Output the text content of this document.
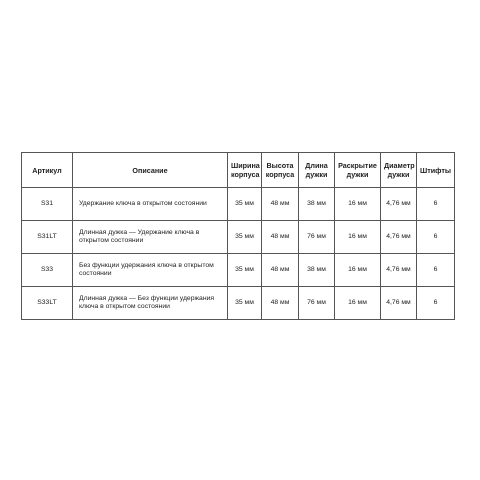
Артикул	Описание	Ширина корпуса	Высота корпуса	Длина дужки	Раскрытие дужки	Диаметр дужки	Штифты
S31	Удержание ключа в открытом состоянии	35 мм	48 мм	38 мм	16 мм	4,76 мм	6
S31LT	Длинная дужка — Удержание ключа в открытом состоянии	35 мм	48 мм	76 мм	16 мм	4,76 мм	6
S33	Без функции удержания ключа в открытом состоянии	35 мм	48 мм	38 мм	16 мм	4,76 мм	6
S33LT	Длинная дужка — Без функции удержания ключа в открытом состоянии	35 мм	48 мм	76 мм	16 мм	4,76 мм	6
